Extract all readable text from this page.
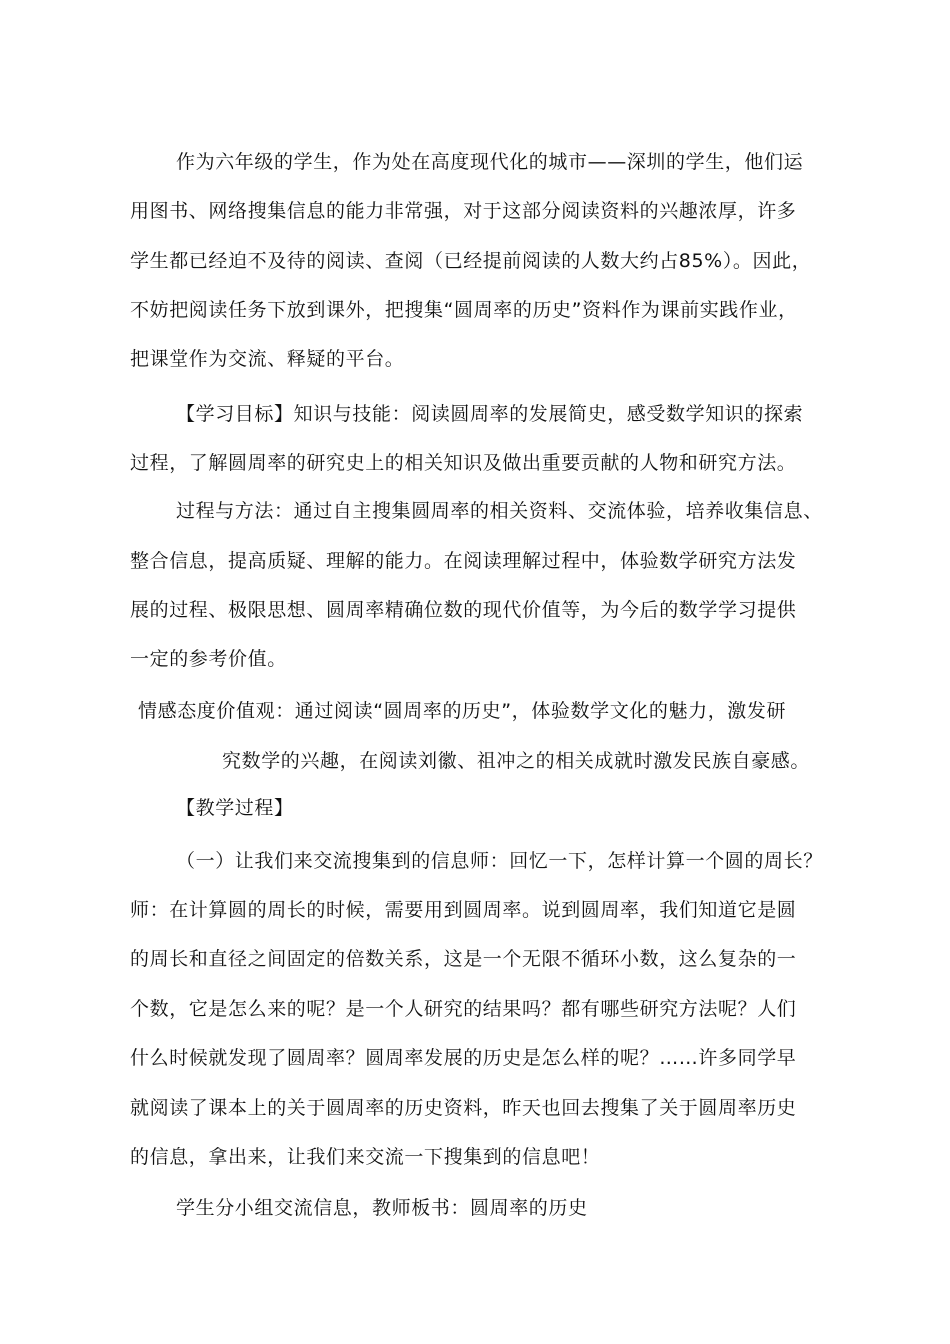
作为六年级的学生，作为处在高度现代化的城市——深圳的学生，他们运
用图书、网络搜集信息的能力非常强，对于这部分阅读资料的兴趣浓厚，许多
学生都已经迫不及待的阅读、查阅（已经提前阅读的人数大约占85%）。因此，
不妨把阅读任务下放到课外，把搜集“圆周率的历史”资料作为课前实践作业，
把课堂作为交流、释疑的平台。
【学习目标】知识与技能：阅读圆周率的发展简史，感受数学知识的探索
过程，了解圆周率的研究史上的相关知识及做出重要贡献的人物和研究方法。
过程与方法：通过自主搜集圆周率的相关资料、交流体验，培养收集信息、
整合信息，提高质疑、理解的能力。在阅读理解过程中，体验数学研究方法发
展的过程、极限思想、圆周率精确位数的现代价值等，为今后的数学学习提供
一定的参考价值。
情感态度价值观：通过阅读“圆周率的历史”，体验数学文化的魅力，激发研
究数学的兴趣，在阅读刘徽、祖冲之的相关成就时激发民族自豪感。
【教学过程】
（一）让我们来交流搜集到的信息师：回忆一下，怎样计算一个圆的周长？
师：在计算圆的周长的时候，需要用到圆周率。说到圆周率，我们知道它是圆
的周长和直径之间固定的倍数关系，这是一个无限不循环小数，这么复杂的一
个数，它是怎么来的呢？是一个人研究的结果吗？都有哪些研究方法呢？人们
什么时候就发现了圆周率？圆周率发展的历史是怎么样的呢？……许多同学早
就阅读了课本上的关于圆周率的历史资料，昨天也回去搜集了关于圆周率历史
的信息，拿出来，让我们来交流一下搜集到的信息吧！
学生分小组交流信息，教师板书：圆周率的历史
